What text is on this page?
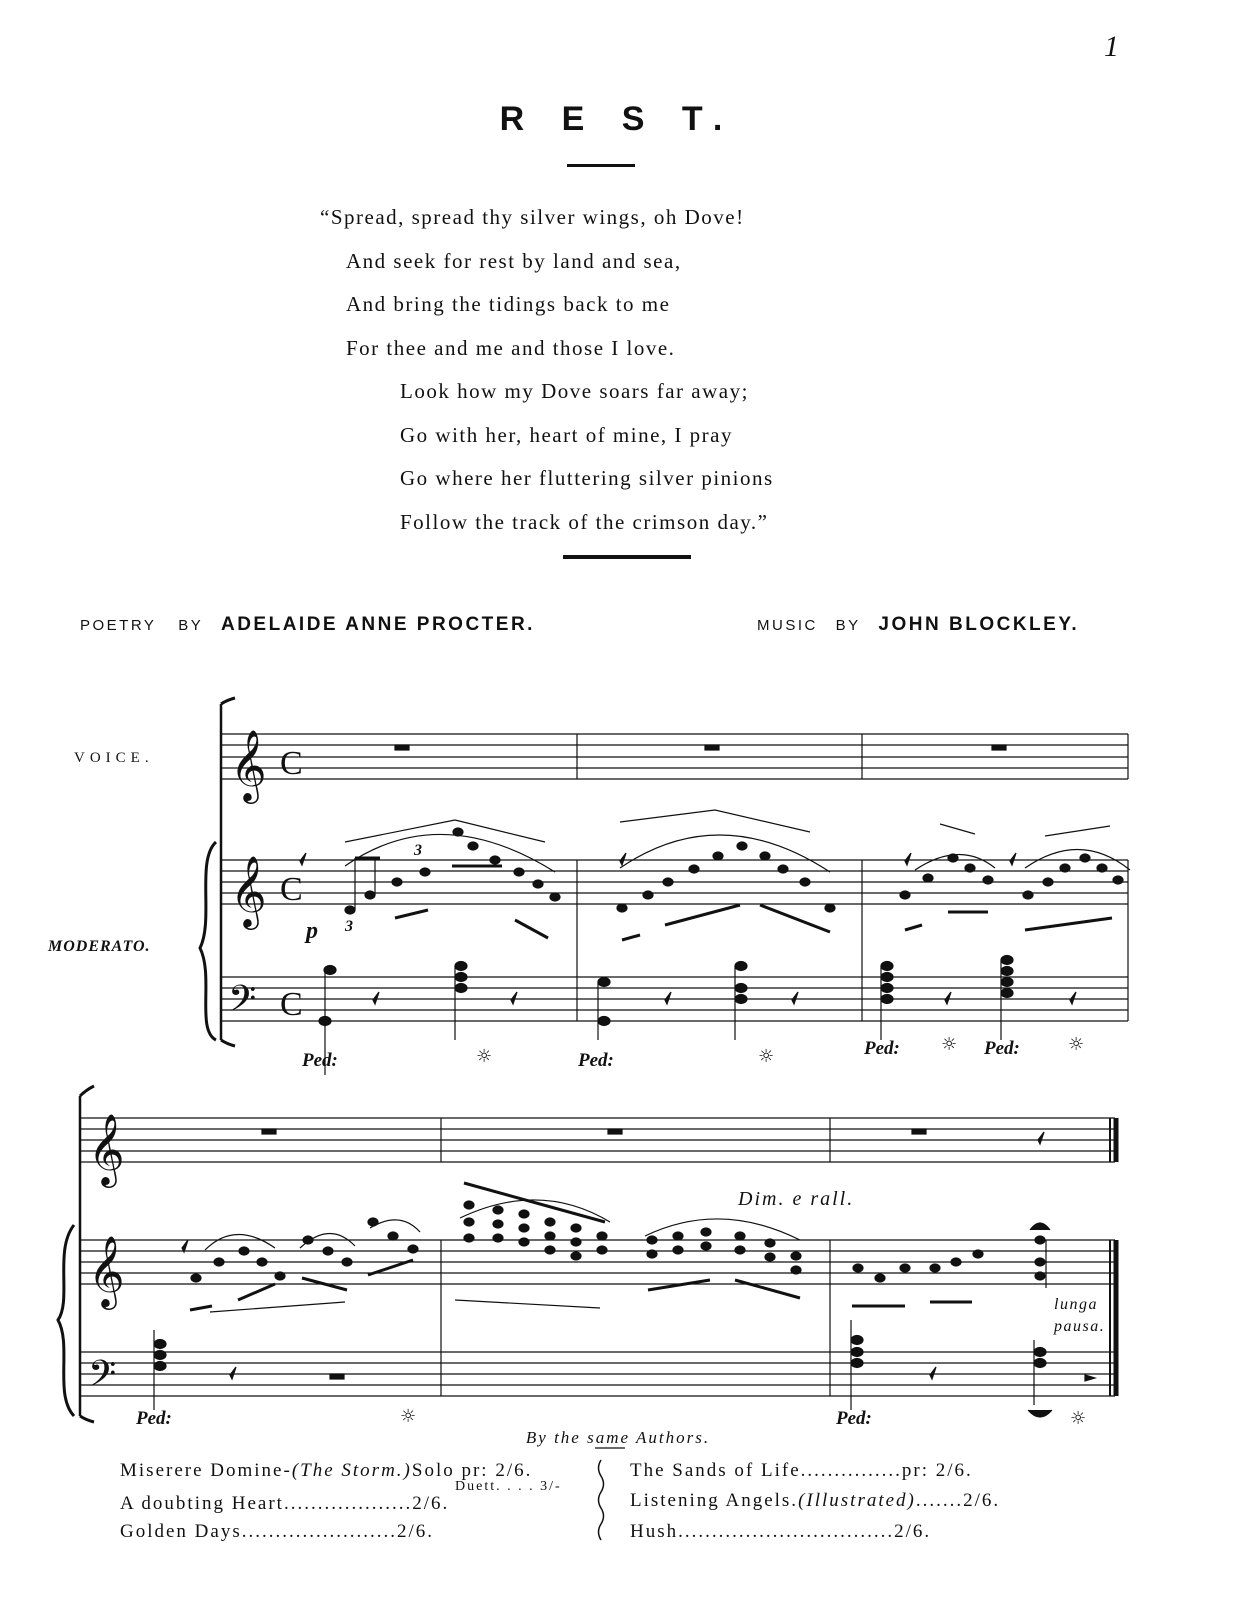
1
R E S T.
“Spread, spread thy silver wings, oh Dove!
And seek for rest by land and sea,
And bring the tidings back to me
For thee and me and those I love.
Look how my Dove soars far away;
Go with her, heart of mine, I pray
Go where her fluttering silver pinions
Follow the track of the crimson day.”
POETRY BY ADELAIDE ANNE PROCTER.	MUSIC BY JOHN BLOCKLEY.
𝄞
𝄞
𝄢
C
C
C
𝄞
𝄞
𝄢
VOICE.
MODERATO.
p 3
3
Ped:	☼	Ped:	☼	Ped: ☼ Ped:	☼
Dim. e rall.
lunga
pausa.
Ped:	☼	Ped:	☼
By the same Authors.
Miserere Domine-(The Storm.)Solo pr: 2/6.
Duett. . . . 3/-
A doubting Heart...................2/6.
Golden Days.......................2/6.
The Sands of Life...............pr: 2/6.
Listening Angels.(Illustrated).......2/6.
Hush................................2/6.
